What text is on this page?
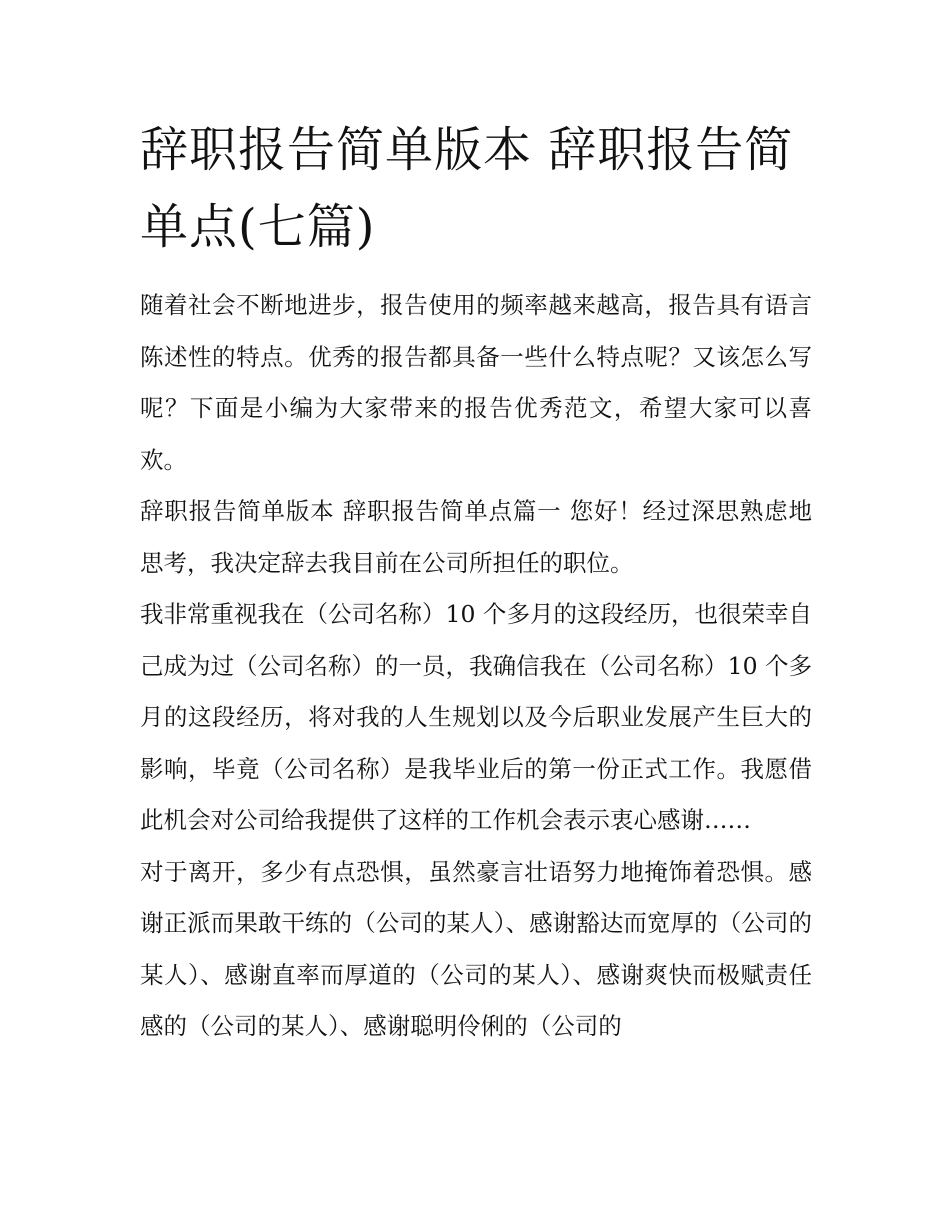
辞职报告简单版本 辞职报告简单点(七篇)

随着社会不断地进步，报告使用的频率越来越高，报告具有语言陈述性的特点。优秀的报告都具备一些什么特点呢？又该怎么写呢？下面是小编为大家带来的报告优秀范文，希望大家可以喜欢。

辞职报告简单版本 辞职报告简单点篇一 您好！经过深思熟虑地思考，我决定辞去我目前在公司所担任的职位。

我非常重视我在（公司名称）10 个多月的这段经历，也很荣幸自己成为过（公司名称）的一员，我确信我在（公司名称）10 个多月的这段经历，将对我的人生规划以及今后职业发展产生巨大的影响，毕竟（公司名称）是我毕业后的第一份正式工作。我愿借此机会对公司给我提供了这样的工作机会表示衷心感谢……

对于离开，多少有点恐惧，虽然豪言壮语努力地掩饰着恐惧。感谢正派而果敢干练的（公司的某人）、感谢豁达而宽厚的（公司的某人）、感谢直率而厚道的（公司的某人）、感谢爽快而极赋责任感的（公司的某人）、感谢聪明伶俐的（公司的
